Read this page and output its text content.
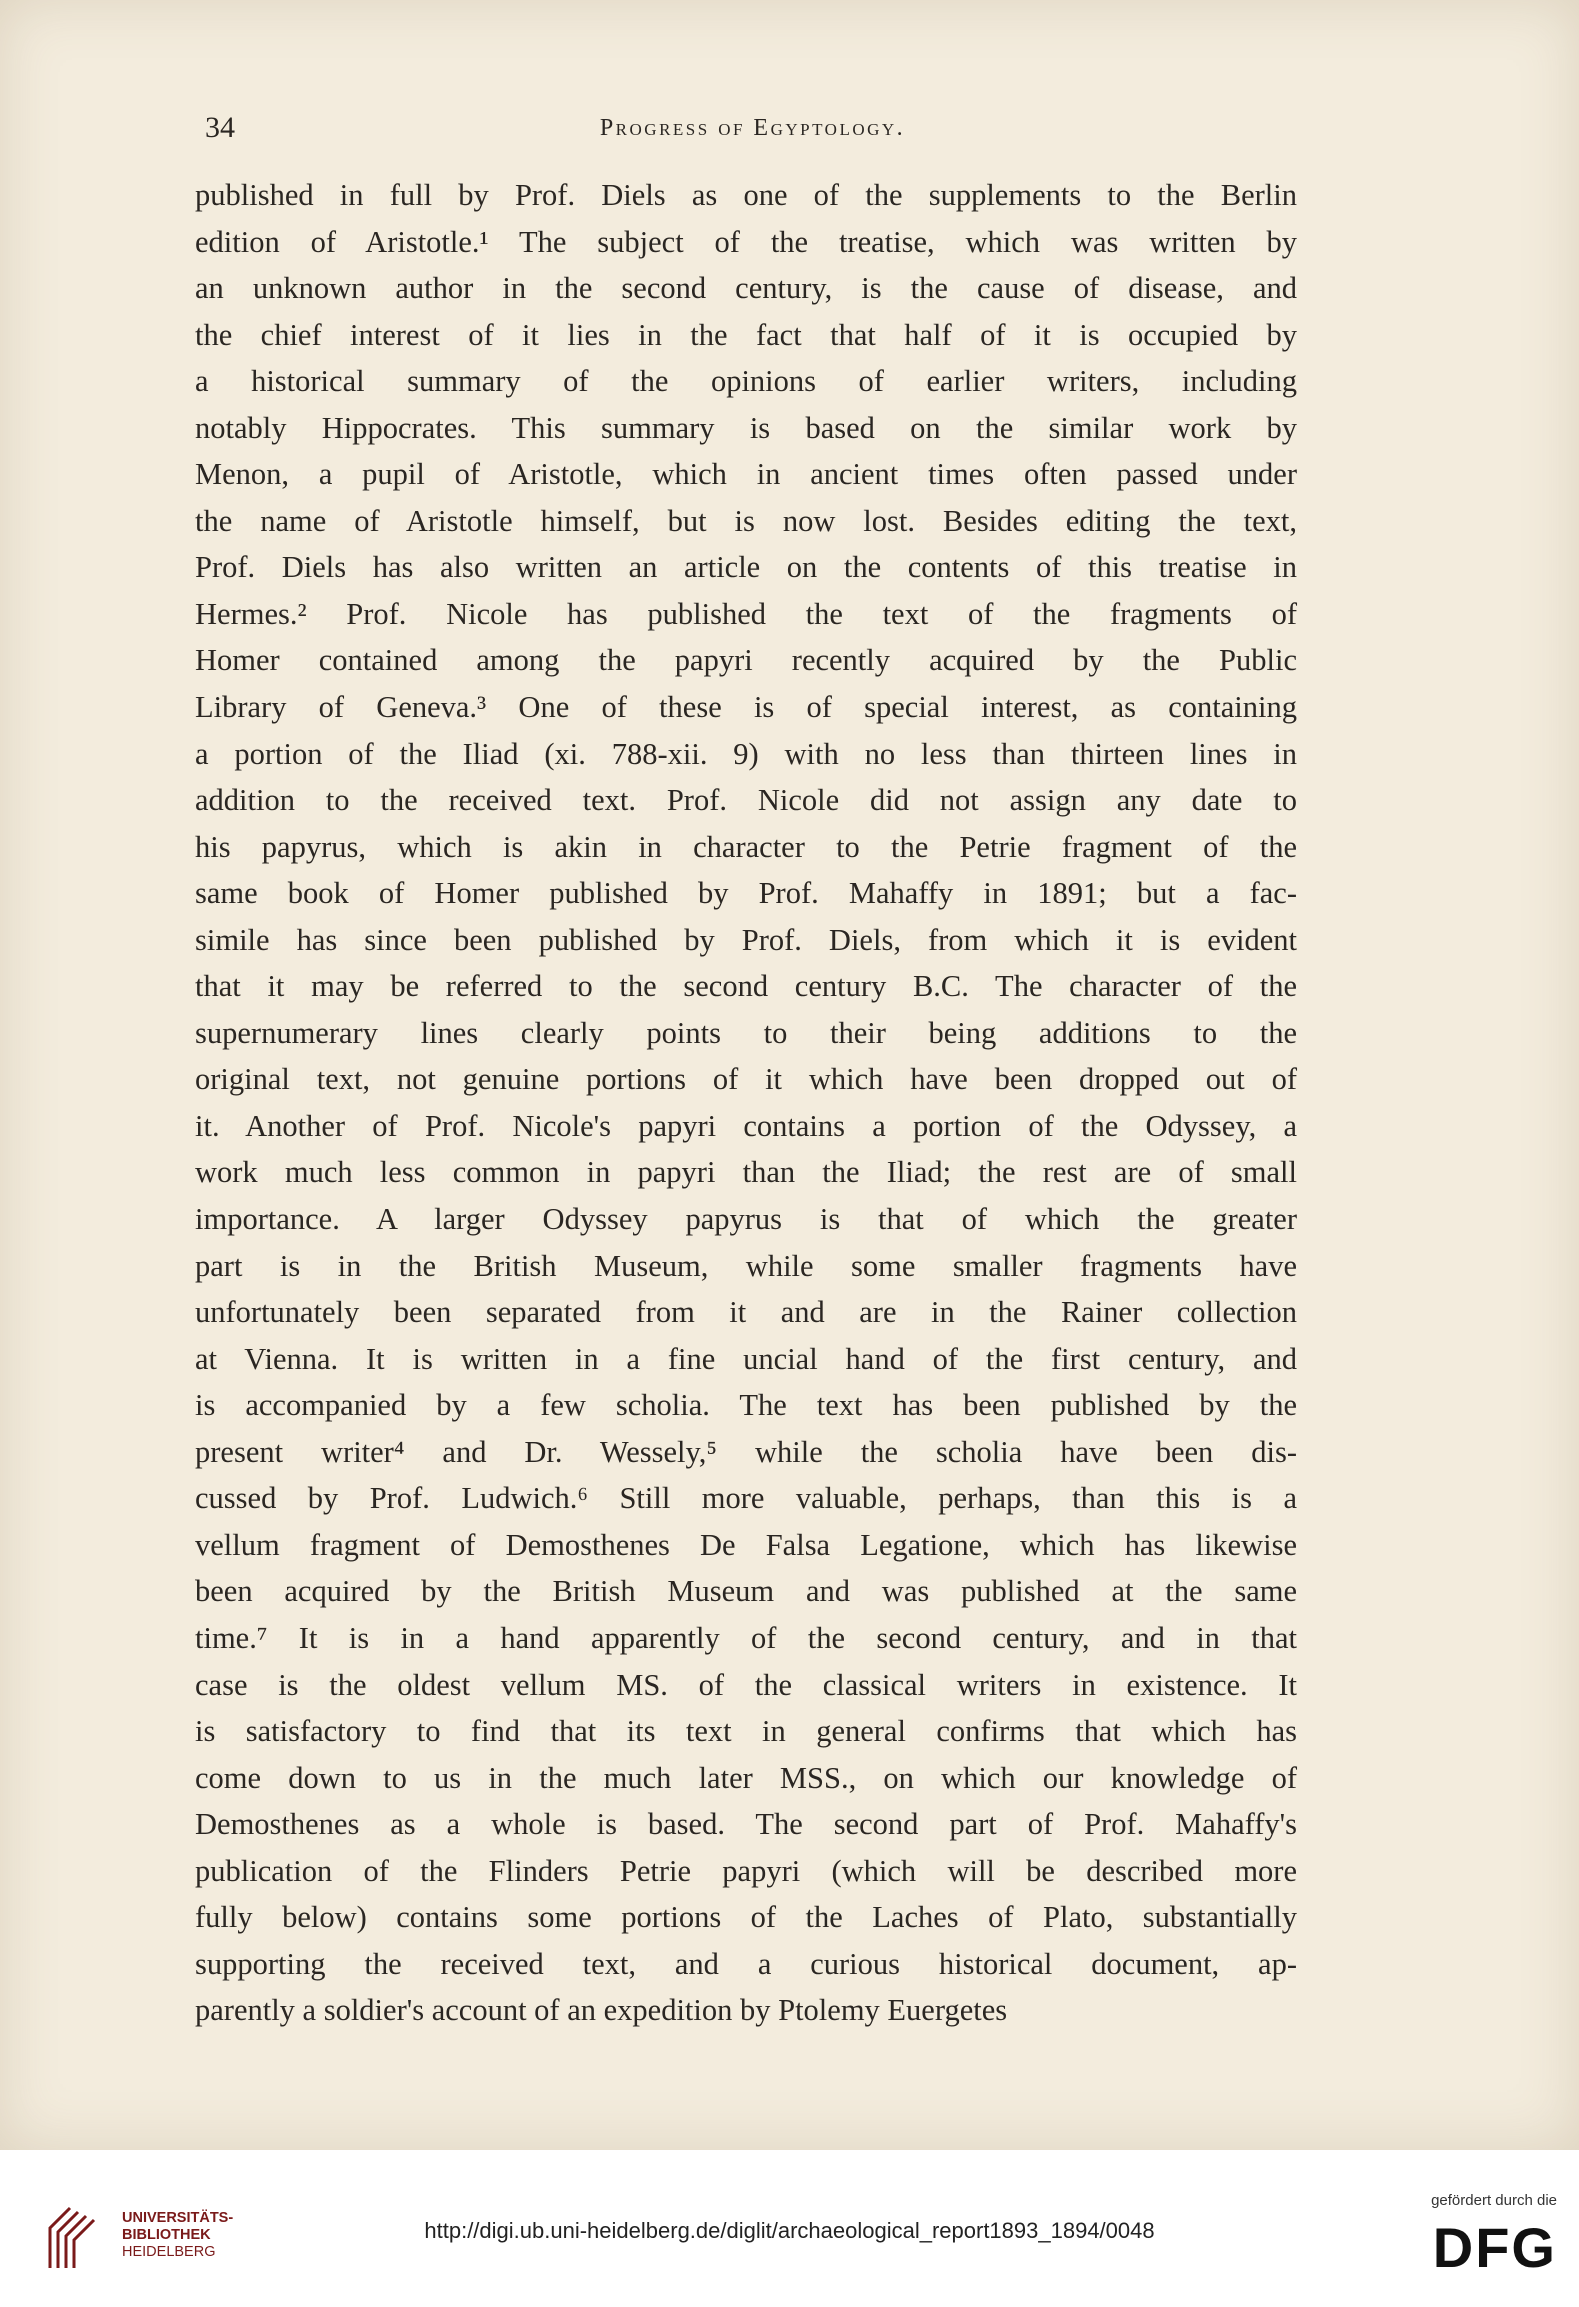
34	Progress of Egyptology.
published in full by Prof. Diels as one of the supplements to the Berlin
edition of Aristotle.¹ The subject of the treatise, which was written by
an unknown author in the second century, is the cause of disease, and
the chief interest of it lies in the fact that half of it is occupied by
a historical summary of the opinions of earlier writers, including
notably Hippocrates. This summary is based on the similar work by
Menon, a pupil of Aristotle, which in ancient times often passed under
the name of Aristotle himself, but is now lost. Besides editing the text,
Prof. Diels has also written an article on the contents of this treatise in
Hermes.² Prof. Nicole has published the text of the fragments of
Homer contained among the papyri recently acquired by the Public
Library of Geneva.³ One of these is of special interest, as containing
a portion of the Iliad (xi. 788-xii. 9) with no less than thirteen lines in
addition to the received text. Prof. Nicole did not assign any date to
his papyrus, which is akin in character to the Petrie fragment of the
same book of Homer published by Prof. Mahaffy in 1891; but a fac-
simile has since been published by Prof. Diels, from which it is evident
that it may be referred to the second century B.C. The character of the
supernumerary lines clearly points to their being additions to the
original text, not genuine portions of it which have been dropped out of
it. Another of Prof. Nicole's papyri contains a portion of the Odyssey, a
work much less common in papyri than the Iliad; the rest are of small
importance. A larger Odyssey papyrus is that of which the greater
part is in the British Museum, while some smaller fragments have
unfortunately been separated from it and are in the Rainer collection
at Vienna. It is written in a fine uncial hand of the first century, and
is accompanied by a few scholia. The text has been published by the
present writer⁴ and Dr. Wessely,⁵ while the scholia have been dis-
cussed by Prof. Ludwich.⁶ Still more valuable, perhaps, than this is a
vellum fragment of Demosthenes De Falsa Legatione, which has likewise
been acquired by the British Museum and was published at the same
time.⁷ It is in a hand apparently of the second century, and in that
case is the oldest vellum MS. of the classical writers in existence. It
is satisfactory to find that its text in general confirms that which has
come down to us in the much later MSS., on which our knowledge of
Demosthenes as a whole is based. The second part of Prof. Mahaffy's
publication of the Flinders Petrie papyri (which will be described more
fully below) contains some portions of the Laches of Plato, substantially
supporting the received text, and a curious historical document, ap-
parently a soldier's account of an expedition by Ptolemy Euergetes
UNIVERSITÄTS-
BIBLIOTHEK
HEIDELBERG
http://digi.ub.uni-heidelberg.de/diglit/archaeological_report1893_1894/0048
gefördert durch die
DFG
